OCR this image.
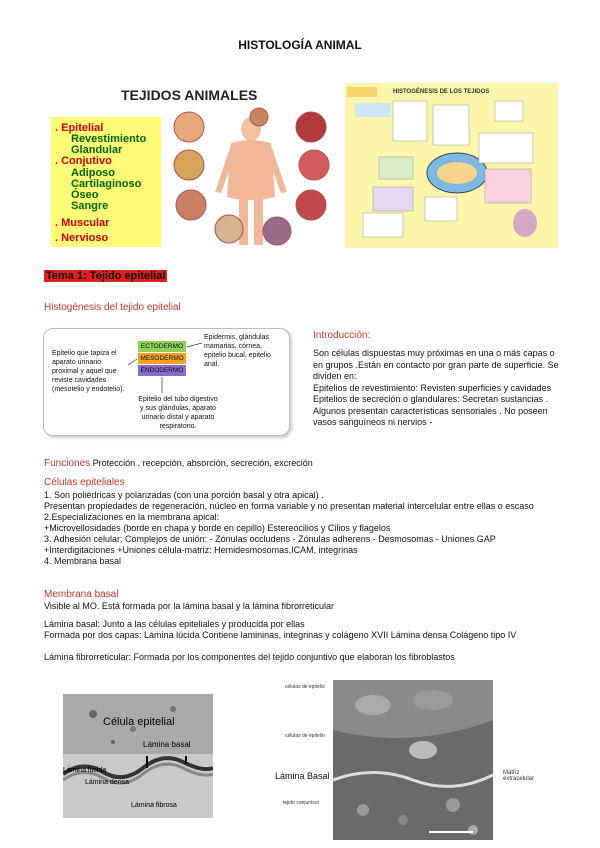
HISTOLOGÍA ANIMAL
TEJIDOS ANIMALES
. Epitelial
Revestimiento
Glandular
. Conjutivo
Adiposo
Cartilaginoso
Óseo
Sangre
. Muscular
. Nervioso
HISTOGÉNESIS DE LOS TEJIDOS
Tema 1: Tejido epitelial
Histogénesis del tejido epitelial
Epitelio que tapiza el aparato urinario proximal y aquel que reviste cavidades (mesotelio y endotelio).
ECTODERMO
MESODERMO
ENDODERMO
Epidermis, glándulas mamarias, córnea, epitelio bucal, epitelio anal.
Epitelio del tubo digestivo y sus glándulas, aparato urinario distal y aparato respiratorio.
Introducción:
Son células dispuestas muy próximas en una o más capas o
en grupos .Están en contacto por gran parte de superficie. Se
dividen en:
Epitelios de revestimiento: Revisten superficies y cavidades
Epitelios de secreción o glandulares: Secretan sustancias .
Algunos presentan características sensoriales . No poseen
vasos sanguíneos ni nervios -
Funciones Protección , recepción, absorción, secreción, excreción
Células epiteliales
1. Son poliédricas y polarizadas (con una porción basal y otra apical) .
Presentan propiedades de regeneración, núcleo en forma variable y no presentan material intercelular entre ellas o escaso
2.Especializaciones en la membrana apical:
+Microvellosidades (borde en chapa y borde en cepillo) Estereocilios y Cilios y flagelos
3. Adhesión celular: Complejos de unión: - Zónulas occludens - Zónulas adherens - Desmosomas - Uniones GAP
+Interdigitaciones +Uniones célula-matriz: Hemidesmosomas,ICAM, integrinas
4. Membrana basal
Membrana basal
Visible al MO. Está formada por la lámina basal y la lámina fibrorreticular
Lámina basal: Junto a las células epiteliales y producida por ellas
Formada por dos capas: Lámina lúcida Contiene lamininas, integrinas y colágeno XVII Lámina densa Colágeno tipo IV
Lámina fibrorreticular: Formada por los componentes del tejido conjuntivo que elaboran los fibroblastos
Célula epitelial
Lámina basal
Lámina lúcida
Lámina densa
Lámina fibrosa
células de epitelio
células de epitelio
Lámina Basal	Matriz extracelular
tejido conjuntivo
